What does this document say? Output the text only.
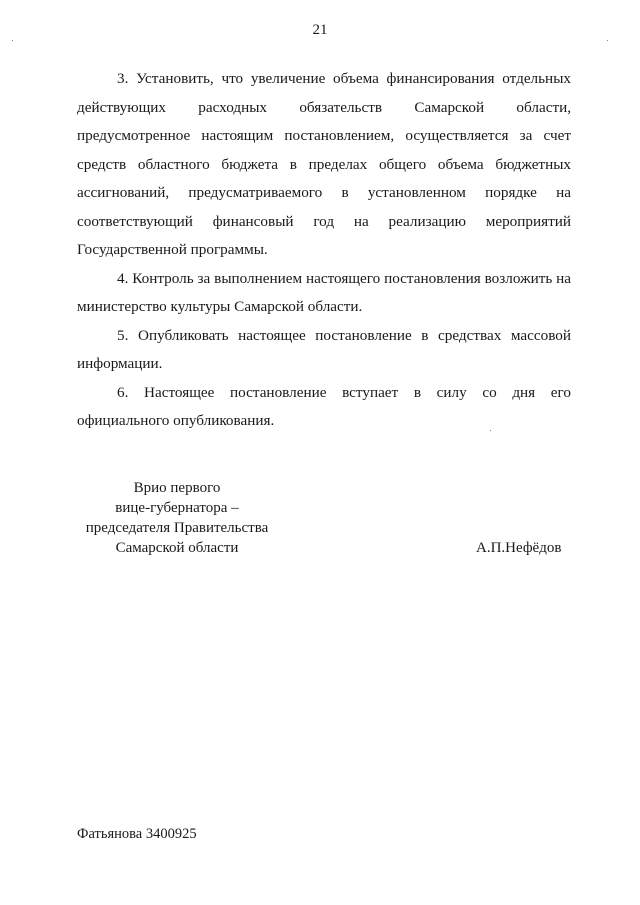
21

3. Установить, что увеличение объема финансирования отдельных действующих расходных обязательств Самарской области, предусмотренное настоящим постановлением, осуществляется за счет средств областного бюджета в пределах общего объема бюджетных ассигнований, предусматриваемого в установленном порядке на соответствующий финансовый год на реализацию мероприятий Государственной программы.

4. Контроль за выполнением настоящего постановления возложить на министерство культуры Самарской области.

5. Опубликовать настоящее постановление в средствах массовой информации.

6. Настоящее постановление вступает в силу со дня его официального опубликования.

Врио первого
вице-губернатора –
председателя Правительства
Самарской области	А.П.Нефёдов
Фатьянова 3400925
